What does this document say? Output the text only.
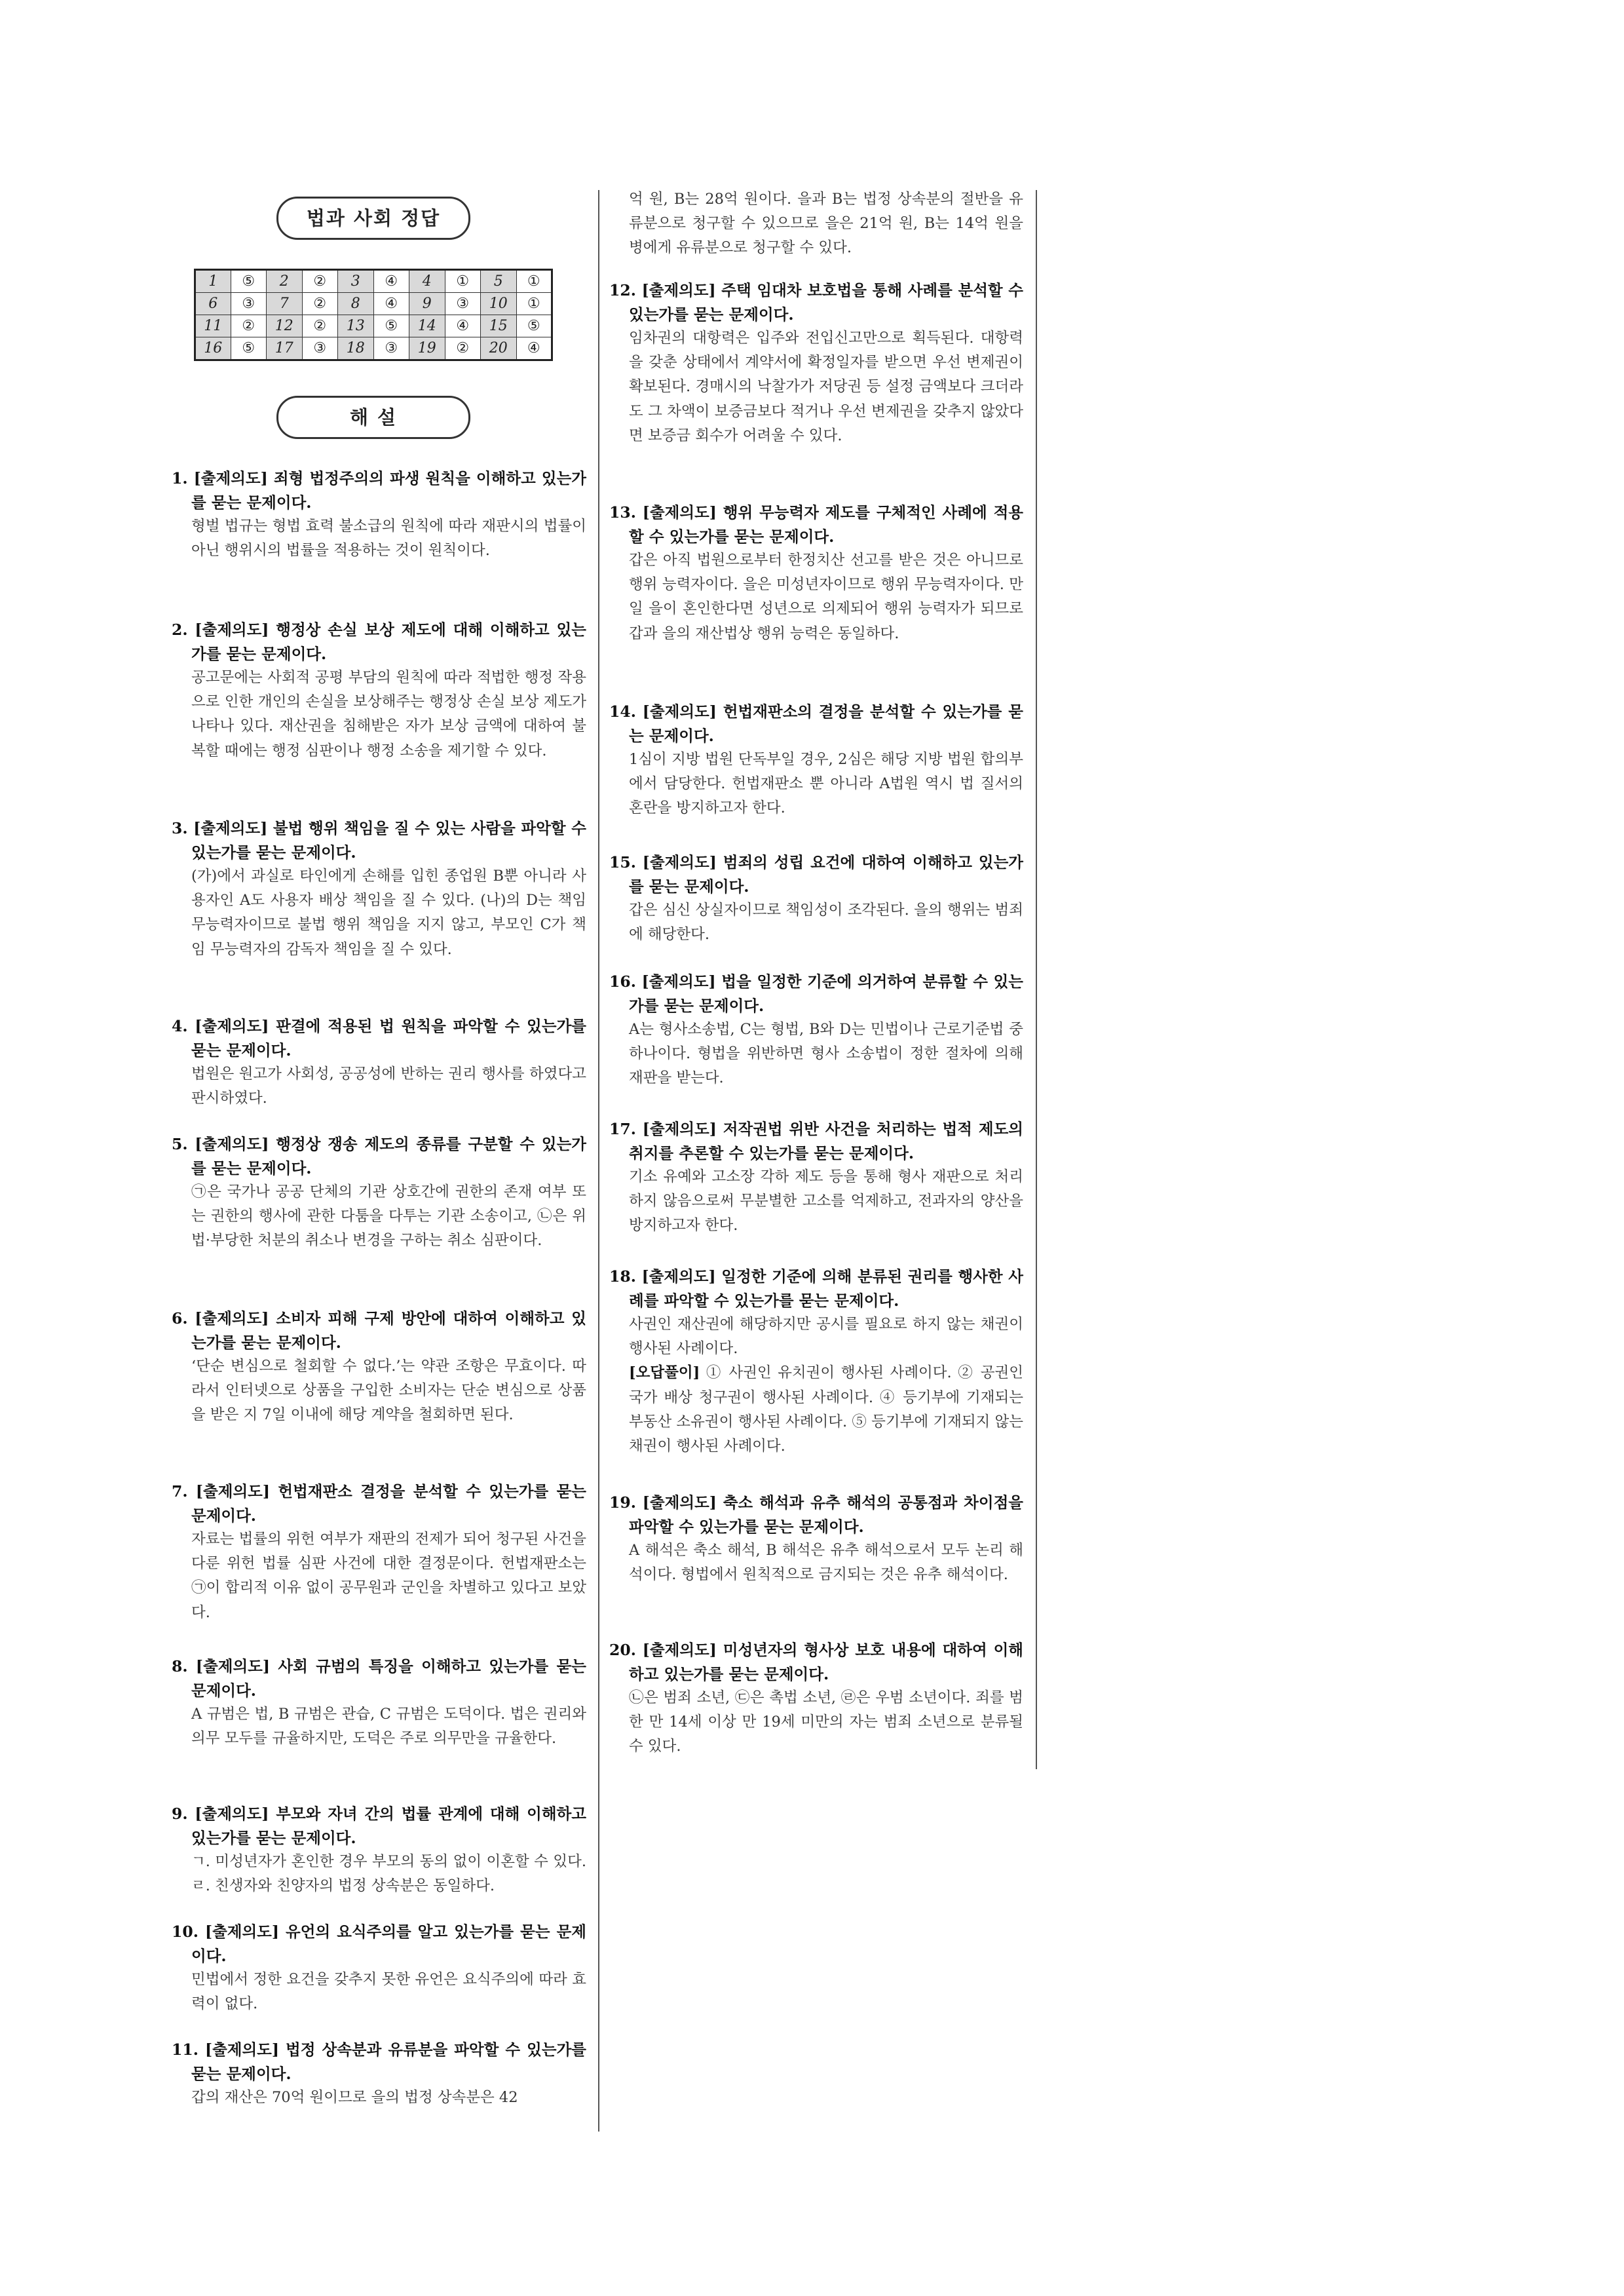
법과 사회 정답
1	⑤	2	②	3	④	4	①	5	①
6	③	7	②	8	④	9	③	10	①
11	②	12	②	13	⑤	14	④	15	⑤
16	⑤	17	③	18	③	19	②	20	④
해 설
1. [출제의도] 죄형 법정주의의 파생 원칙을 이해하고 있는가를 묻는 문제이다.
형벌 법규는 형법 효력 불소급의 원칙에 따라 재판시의 법률이 아닌 행위시의 법률을 적용하는 것이 원칙이다.
2. [출제의도] 행정상 손실 보상 제도에 대해 이해하고 있는가를 묻는 문제이다.
공고문에는 사회적 공평 부담의 원칙에 따라 적법한 행정 작용으로 인한 개인의 손실을 보상해주는 행정상 손실 보상 제도가 나타나 있다. 재산권을 침해받은 자가 보상 금액에 대하여 불복할 때에는 행정 심판이나 행정 소송을 제기할 수 있다.
3. [출제의도] 불법 행위 책임을 질 수 있는 사람을 파악할 수 있는가를 묻는 문제이다.
(가)에서 과실로 타인에게 손해를 입힌 종업원 B뿐 아니라 사용자인 A도 사용자 배상 책임을 질 수 있다. (나)의 D는 책임 무능력자이므로 불법 행위 책임을 지지 않고, 부모인 C가 책임 무능력자의 감독자 책임을 질 수 있다.
4. [출제의도] 판결에 적용된 법 원칙을 파악할 수 있는가를 묻는 문제이다.
법원은 원고가 사회성, 공공성에 반하는 권리 행사를 하였다고 판시하였다.
5. [출제의도] 행정상 쟁송 제도의 종류를 구분할 수 있는가를 묻는 문제이다.
㉠은 국가나 공공 단체의 기관 상호간에 권한의 존재 여부 또는 권한의 행사에 관한 다툼을 다투는 기관 소송이고, ㉡은 위법·부당한 처분의 취소나 변경을 구하는 취소 심판이다.
6. [출제의도] 소비자 피해 구제 방안에 대하여 이해하고 있는가를 묻는 문제이다.
‘단순 변심으로 철회할 수 없다.’는 약관 조항은 무효이다. 따라서 인터넷으로 상품을 구입한 소비자는 단순 변심으로 상품을 받은 지 7일 이내에 해당 계약을 철회하면 된다.
7. [출제의도] 헌법재판소 결정을 분석할 수 있는가를 묻는 문제이다.
자료는 법률의 위헌 여부가 재판의 전제가 되어 청구된 사건을 다룬 위헌 법률 심판 사건에 대한 결정문이다. 헌법재판소는 ㉠이 합리적 이유 없이 공무원과 군인을 차별하고 있다고 보았다.
8. [출제의도] 사회 규범의 특징을 이해하고 있는가를 묻는 문제이다.
A 규범은 법, B 규범은 관습, C 규범은 도덕이다. 법은 권리와 의무 모두를 규율하지만, 도덕은 주로 의무만을 규율한다.
9. [출제의도] 부모와 자녀 간의 법률 관계에 대해 이해하고 있는가를 묻는 문제이다.
ㄱ. 미성년자가 혼인한 경우 부모의 동의 없이 이혼할 수 있다. ㄹ. 친생자와 친양자의 법정 상속분은 동일하다.
10. [출제의도] 유언의 요식주의를 알고 있는가를 묻는 문제이다.
민법에서 정한 요건을 갖추지 못한 유언은 요식주의에 따라 효력이 없다.
11. [출제의도] 법정 상속분과 유류분을 파악할 수 있는가를 묻는 문제이다.
갑의 재산은 70억 원이므로 을의 법정 상속분은 42
억 원, B는 28억 원이다. 을과 B는 법정 상속분의 절반을 유류분으로 청구할 수 있으므로 을은 21억 원, B는 14억 원을 병에게 유류분으로 청구할 수 있다.
12. [출제의도] 주택 임대차 보호법을 통해 사례를 분석할 수 있는가를 묻는 문제이다.
임차권의 대항력은 입주와 전입신고만으로 획득된다. 대항력을 갖춘 상태에서 계약서에 확정일자를 받으면 우선 변제권이 확보된다. 경매시의 낙찰가가 저당권 등 설정 금액보다 크더라도 그 차액이 보증금보다 적거나 우선 변제권을 갖추지 않았다면 보증금 회수가 어려울 수 있다.
13. [출제의도] 행위 무능력자 제도를 구체적인 사례에 적용할 수 있는가를 묻는 문제이다.
갑은 아직 법원으로부터 한정치산 선고를 받은 것은 아니므로 행위 능력자이다. 을은 미성년자이므로 행위 무능력자이다. 만일 을이 혼인한다면 성년으로 의제되어 행위 능력자가 되므로 갑과 을의 재산법상 행위 능력은 동일하다.
14. [출제의도] 헌법재판소의 결정을 분석할 수 있는가를 묻는 문제이다.
1심이 지방 법원 단독부일 경우, 2심은 해당 지방 법원 합의부에서 담당한다. 헌법재판소 뿐 아니라 A법원 역시 법 질서의 혼란을 방지하고자 한다.
15. [출제의도] 범죄의 성립 요건에 대하여 이해하고 있는가를 묻는 문제이다.
갑은 심신 상실자이므로 책임성이 조각된다. 을의 행위는 범죄에 해당한다.
16. [출제의도] 법을 일정한 기준에 의거하여 분류할 수 있는가를 묻는 문제이다.
A는 형사소송법, C는 형법, B와 D는 민법이나 근로기준법 중 하나이다. 형법을 위반하면 형사 소송법이 정한 절차에 의해 재판을 받는다.
17. [출제의도] 저작권법 위반 사건을 처리하는 법적 제도의 취지를 추론할 수 있는가를 묻는 문제이다.
기소 유예와 고소장 각하 제도 등을 통해 형사 재판으로 처리하지 않음으로써 무분별한 고소를 억제하고, 전과자의 양산을 방지하고자 한다.
18. [출제의도] 일정한 기준에 의해 분류된 권리를 행사한 사례를 파악할 수 있는가를 묻는 문제이다.
사권인 재산권에 해당하지만 공시를 필요로 하지 않는 채권이 행사된 사례이다.
[오답풀이] ① 사권인 유치권이 행사된 사례이다. ② 공권인 국가 배상 청구권이 행사된 사례이다. ④ 등기부에 기재되는 부동산 소유권이 행사된 사례이다. ⑤ 등기부에 기재되지 않는 채권이 행사된 사례이다.
19. [출제의도] 축소 해석과 유추 해석의 공통점과 차이점을 파악할 수 있는가를 묻는 문제이다.
A 해석은 축소 해석, B 해석은 유추 해석으로서 모두 논리 해석이다. 형법에서 원칙적으로 금지되는 것은 유추 해석이다.
20. [출제의도] 미성년자의 형사상 보호 내용에 대하여 이해하고 있는가를 묻는 문제이다.
㉡은 범죄 소년, ㉢은 촉법 소년, ㉣은 우범 소년이다. 죄를 범한 만 14세 이상 만 19세 미만의 자는 범죄 소년으로 분류될 수 있다.
